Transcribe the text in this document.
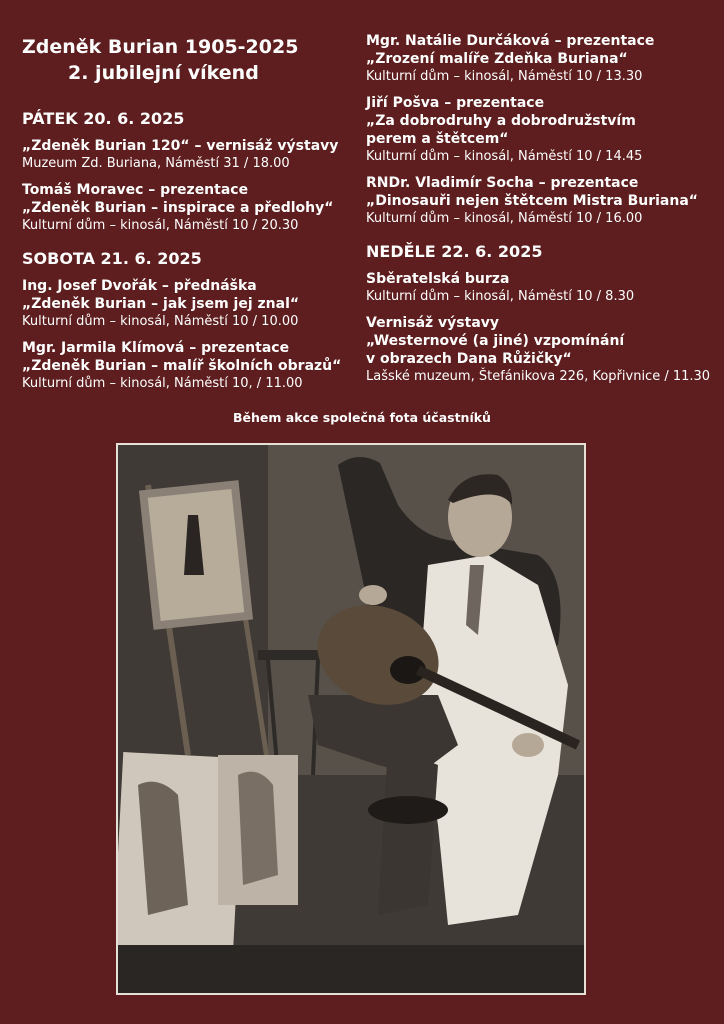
Zdeněk Burian 1905-2025
2. jubilejní víkend
PÁTEK 20. 6. 2025
„Zdeněk Burian 120“ – vernisáž výstavy
Muzeum Zd. Buriana, Náměstí 31 / 18.00
Tomáš Moravec – prezentace
„Zdeněk Burian – inspirace a předlohy“
Kulturní dům – kinosál, Náměstí 10 / 20.30
SOBOTA 21. 6. 2025
Ing. Josef Dvořák – přednáška
„Zdeněk Burian – jak jsem jej znal“
Kulturní dům – kinosál, Náměstí 10 / 10.00
Mgr. Jarmila Klímová – prezentace
„Zdeněk Burian – malíř školních obrazů“
Kulturní dům – kinosál, Náměstí 10, / 11.00
Mgr. Natálie Durčáková – prezentace
„Zrození malíře Zdeňka Buriana“
Kulturní dům – kinosál, Náměstí 10 / 13.30
Jiří Pošva – prezentace
„Za dobrodruhy a dobrodružstvím
perem a štětcem“
Kulturní dům – kinosál, Náměstí 10 / 14.45
RNDr. Vladimír Socha – prezentace
„Dinosauři nejen štětcem Mistra Buriana“
Kulturní dům – kinosál, Náměstí 10 / 16.00
NEDĚLE 22. 6. 2025
Sběratelská burza
Kulturní dům – kinosál, Náměstí 10 / 8.30
Vernisáž výstavy
„Westernové (a jiné) vzpomínání
v obrazech Dana Růžičky“
Lašské muzeum, Štefánikova 226, Kopřivnice / 11.30
Během akce společná fota účastníků
